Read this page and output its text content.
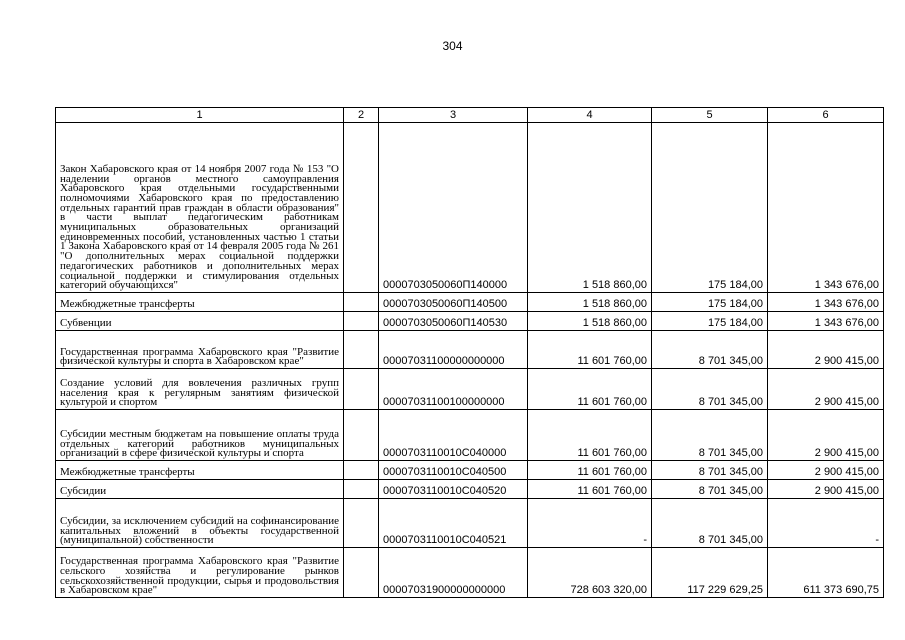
304
1	2	3	4	5	6
Закон Хабаровского края от 14 ноября 2007 года № 153 "О наделении органов местного самоуправления Хабаровского края отдельными государственными полномочиями Хабаровского края по предоставлению отдельных гарантий прав граждан в области образования" в части выплат педагогическим работникам муниципальных образовательных организаций единовременных пособий, установленных частью 1 статьи 1 Закона Хабаровского края от 14 февраля 2005 года № 261 "О дополнительных мерах социальной поддержки педагогических работников и дополнительных мерах социальной поддержки и стимулирования отдельных категорий обучающихся"		0000703050060П140000	1 518 860,00	175 184,00	1 343 676,00
Межбюджетные трансферты		0000703050060П140500	1 518 860,00	175 184,00	1 343 676,00
Субвенции		0000703050060П140530	1 518 860,00	175 184,00	1 343 676,00
Государственная программа Хабаровского края "Развитие физической культуры и спорта в Хабаровском крае"		00007031100000000000	11 601 760,00	8 701 345,00	2 900 415,00
Создание условий для вовлечения различных групп населения края к регулярным занятиям физической культурой и спортом		00007031100100000000	11 601 760,00	8 701 345,00	2 900 415,00
Субсидии местным бюджетам на повышение оплаты труда отдельных категорий работников муниципальных организаций в сфере физической культуры и спорта		0000703110010С040000	11 601 760,00	8 701 345,00	2 900 415,00
Межбюджетные трансферты		0000703110010С040500	11 601 760,00	8 701 345,00	2 900 415,00
Субсидии		0000703110010С040520	11 601 760,00	8 701 345,00	2 900 415,00
Субсидии, за исключением субсидий на софинансирование капитальных вложений в объекты государственной (муниципальной) собственности		0000703110010С040521	-	8 701 345,00	-
Государственная программа Хабаровского края "Развитие сельского хозяйства и регулирование рынков сельскохозяйственной продукции, сырья и продовольствия в Хабаровском крае"		00007031900000000000	728 603 320,00	117 229 629,25	611 373 690,75
